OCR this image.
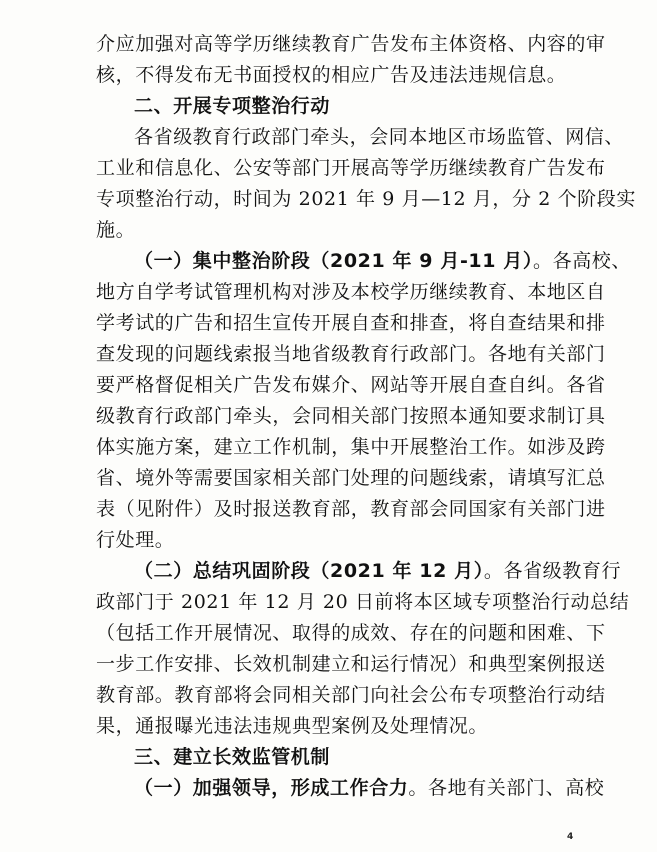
介应加强对高等学历继续教育广告发布主体资格、内容的审
核，不得发布无书面授权的相应广告及违法违规信息。
二、开展专项整治行动
各省级教育行政部门牵头，会同本地区市场监管、网信、
工业和信息化、公安等部门开展高等学历继续教育广告发布
专项整治行动，时间为 2021 年 9 月—12 月，分 2 个阶段实
施。
（一）集中整治阶段（2021 年 9 月-11 月）。各高校、
地方自学考试管理机构对涉及本校学历继续教育、本地区自
学考试的广告和招生宣传开展自查和排查，将自查结果和排
查发现的问题线索报当地省级教育行政部门。各地有关部门
要严格督促相关广告发布媒介、网站等开展自查自纠。各省
级教育行政部门牵头，会同相关部门按照本通知要求制订具
体实施方案，建立工作机制，集中开展整治工作。如涉及跨
省、境外等需要国家相关部门处理的问题线索，请填写汇总
表（见附件）及时报送教育部，教育部会同国家有关部门进
行处理。
（二）总结巩固阶段（2021 年 12 月）。各省级教育行
政部门于 2021 年 12 月 20 日前将本区域专项整治行动总结
（包括工作开展情况、取得的成效、存在的问题和困难、下
一步工作安排、长效机制建立和运行情况）和典型案例报送
教育部。教育部将会同相关部门向社会公布专项整治行动结
果，通报曝光违法违规典型案例及处理情况。
三、建立长效监管机制
（一）加强领导，形成工作合力。各地有关部门、高校
4
